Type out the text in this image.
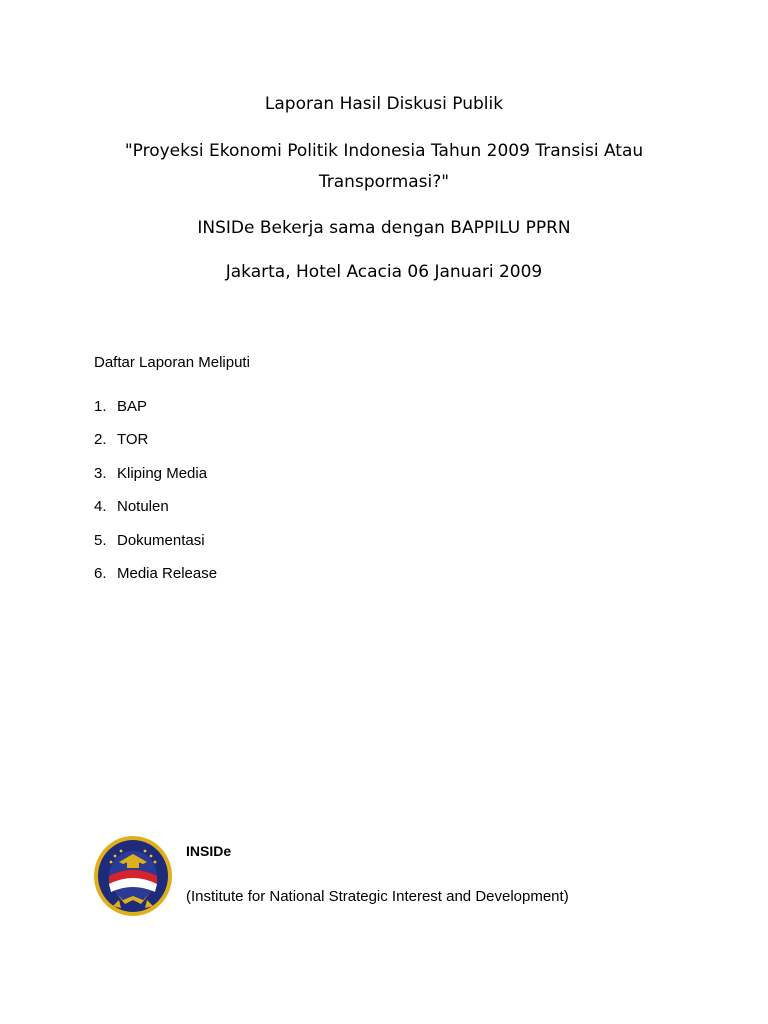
Laporan Hasil Diskusi Publik
"Proyeksi Ekonomi Politik Indonesia Tahun 2009 Transisi Atau Transpormasi?"
INSIDe Bekerja sama dengan BAPPILU PPRN
Jakarta, Hotel Acacia 06 Januari 2009
Daftar Laporan Meliputi
1. BAP
2. TOR
3. Kliping Media
4. Notulen
5. Dokumentasi
6. Media Release
INSIDe
(Institute for National Strategic Interest and Development)
